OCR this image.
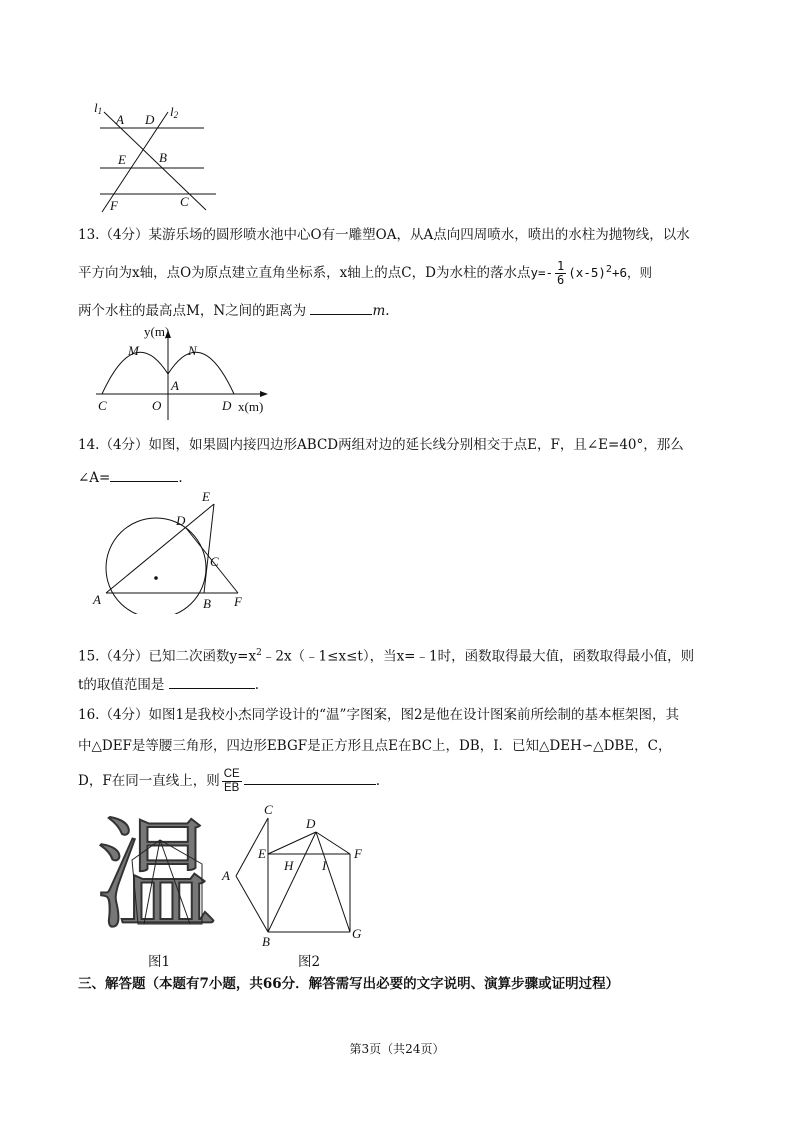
l1	l2
A D
E	B
F	C
13.（4分）某游乐场的圆形喷水池中心O有一雕塑OA，从A点向四周喷水，喷出的水柱为抛物线，以水
平方向为x轴，点O为原点建立直角坐标系，x轴上的点C，D为水柱的落水点$y=- \frac{1}{6} (x-5)^2+6$，则
两个水柱的最高点M，N之间的距离为	m.
y(m)
M	N
A
C	O	D x(m)
14.（4分）如图，如果圆内接四边形ABCD两组对边的延长线分别相交于点E，F，且∠E=40°，那么
∠A=	.
E
D
C
A	B F
15.（4分）已知二次函数$y=x^2﹣2x(﹣1\le x\le t)$，当x=﹣1时，函数取得最大值，函数取得最小值，则
t的取值范围是	.
16.（4分）如图1是我校小杰同学设计的“温”字图案，图2是他在设计图案前所绘制的基本框架图，其
中△DEF是等腰三角形，四边形EBGF是正方形且点E在BC上，DB，I．已知△DEH∽△DBE，C，
D，F在同一直线上，则 $\frac{CE}{EB}$	.
温
图1
C
D
E
H I
F
A
B
G
图2
三、解答题（本题有7小题，共66分．解答需写出必要的文字说明、演算步骤或证明过程）
第3页（共24页）
